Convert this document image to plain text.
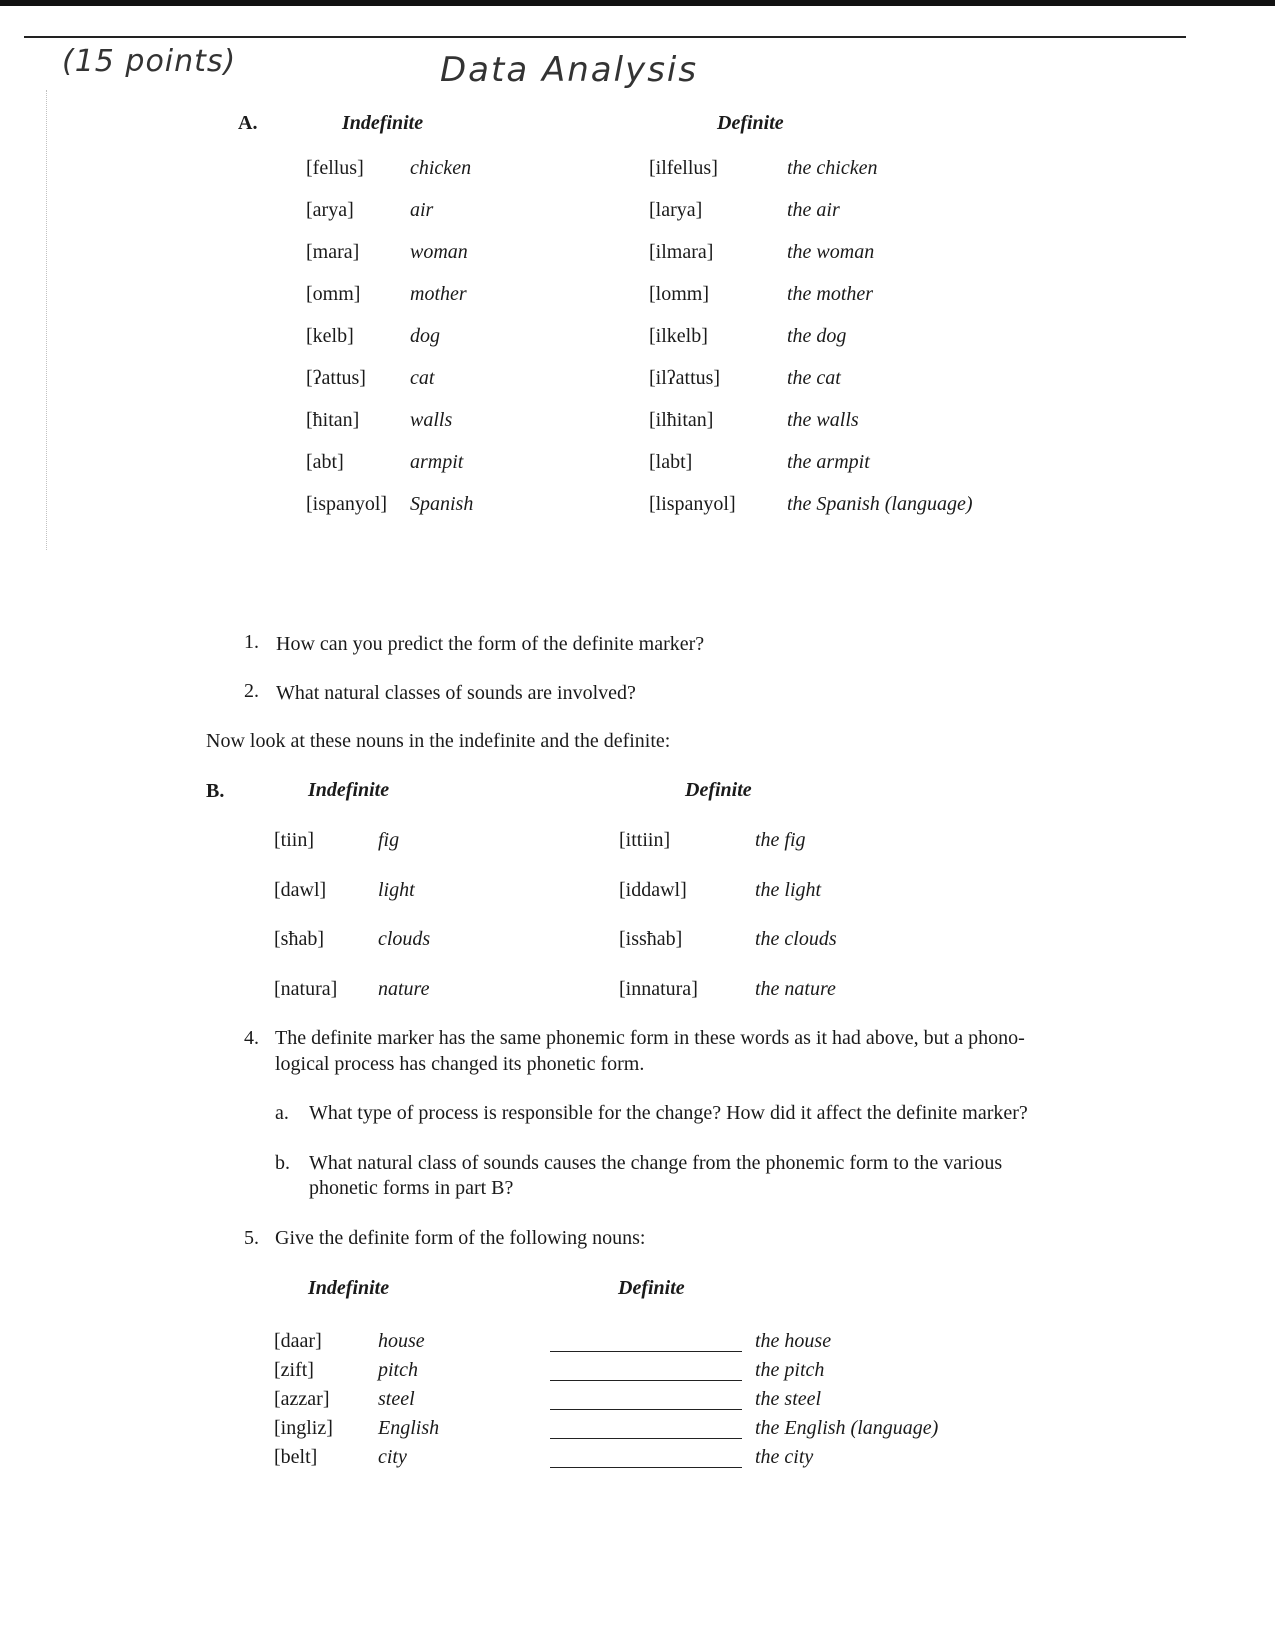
(15 points)	Data Analysis
A.	Indefinite	Definite
[fellus] chicken	[ilfellus]	the chicken
[arya]	air	[larya]	the air
[mara]	woman	[ilmara]	the woman
[omm] mother	[lomm]	the mother
[kelb]	dog	[ilkelb]	the dog
[ʔattus] cat	[ilʔattus]	the cat
[ħitan]	walls	[ilħitan]	the walls
[abt]	armpit	[labt]	the armpit
[ispanyol] Spanish	[lispanyol]	the Spanish (language)
1. How can you predict the form of the definite marker?
2. What natural classes of sounds are involved?
Now look at these nouns in the indefinite and the definite:
B.	Indefinite	Definite
[tiin]	fig	[ittiin]	the fig
[dawl]	light	[iddawl]	the light
[sħab]	clouds	[issħab]	the clouds
[natura] nature	[innatura]	the nature
4. The definite marker has the same phonemic form in these words as it had above, but a phono-
logical process has changed its phonetic form.
a. What type of process is responsible for the change? How did it affect the definite marker?
b. What natural class of sounds causes the change from the phonemic form to the various
phonetic forms in part B?
5. Give the definite form of the following nouns:
Indefinite	Definite
[daar]	house	the house
[zift]	pitch	the pitch
[azzar] steel	the steel
[ingliz] English	the English (language)
[belt]	city	the city
